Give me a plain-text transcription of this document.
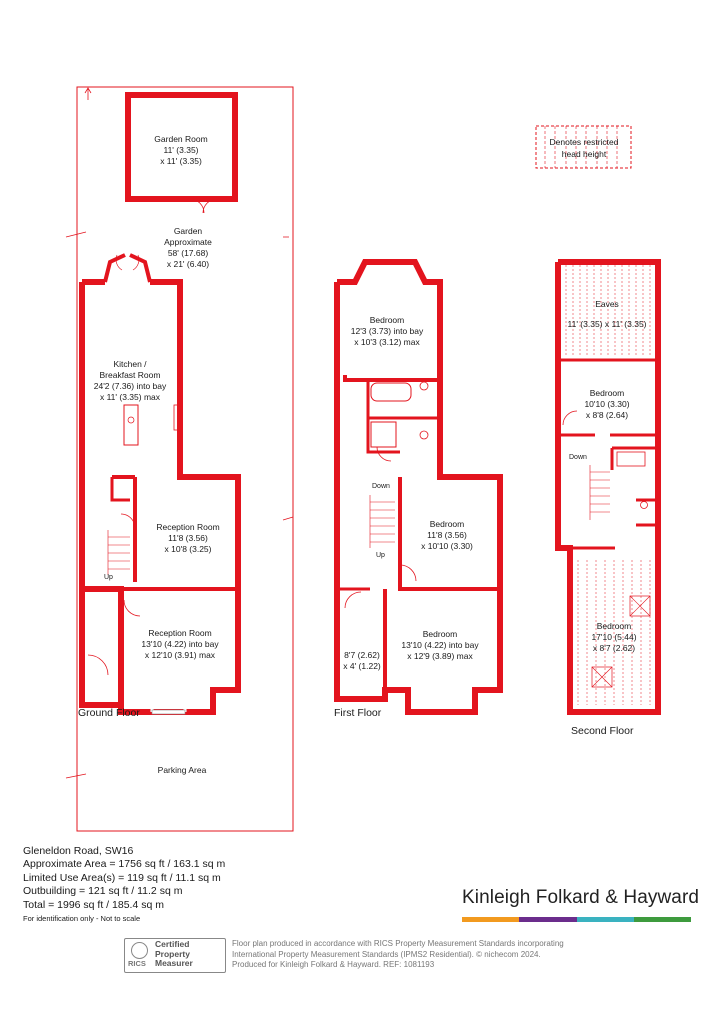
Denotes restricted
head height
Garden Room
11' (3.35)
x 11' (3.35)
Garden
Approximate
58' (17.68)
x 21' (6.40)
Kitchen /
Breakfast Room
24'2 (7.36) into bay
x 11' (3.35) max
Reception Room
11'8 (3.56)
x 10'8 (3.25)
Reception Room
13'10 (4.22) into bay
x 12'10 (3.91) max
Up
Ground Floor
Parking Area
Bedroom
12'3 (3.73) into bay
x 10'3 (3.12) max
Bedroom
11'8 (3.56)
x 10'10 (3.30)
Bedroom
13'10 (4.22) into bay
x 12'9 (3.89) max
8'7 (2.62)
x 4' (1.22)
Down
Up
First Floor
Eaves
11' (3.35) x 11' (3.35)
Bedroom
10'10 (3.30)
x 8'8 (2.64)
Bedroom
17'10 (5.44)
x 8'7 (2.62)
Down
Second Floor
Gleneldon Road, SW16
Approximate Area = 1756 sq ft / 163.1 sq m
Limited Use Area(s) = 119 sq ft / 11.1 sq m
Outbuilding = 121 sq ft / 11.2 sq m
Total = 1996 sq ft / 185.4 sq m
For identification only - Not to scale
Kinleigh Folkard & Hayward
RICS
Certified
Property
Measurer
Floor plan produced in accordance with RICS Property Measurement Standards incorporating
International Property Measurement Standards (IPMS2 Residential). © nichecom 2024.
Produced for Kinleigh Folkard & Hayward. REF: 1081193
